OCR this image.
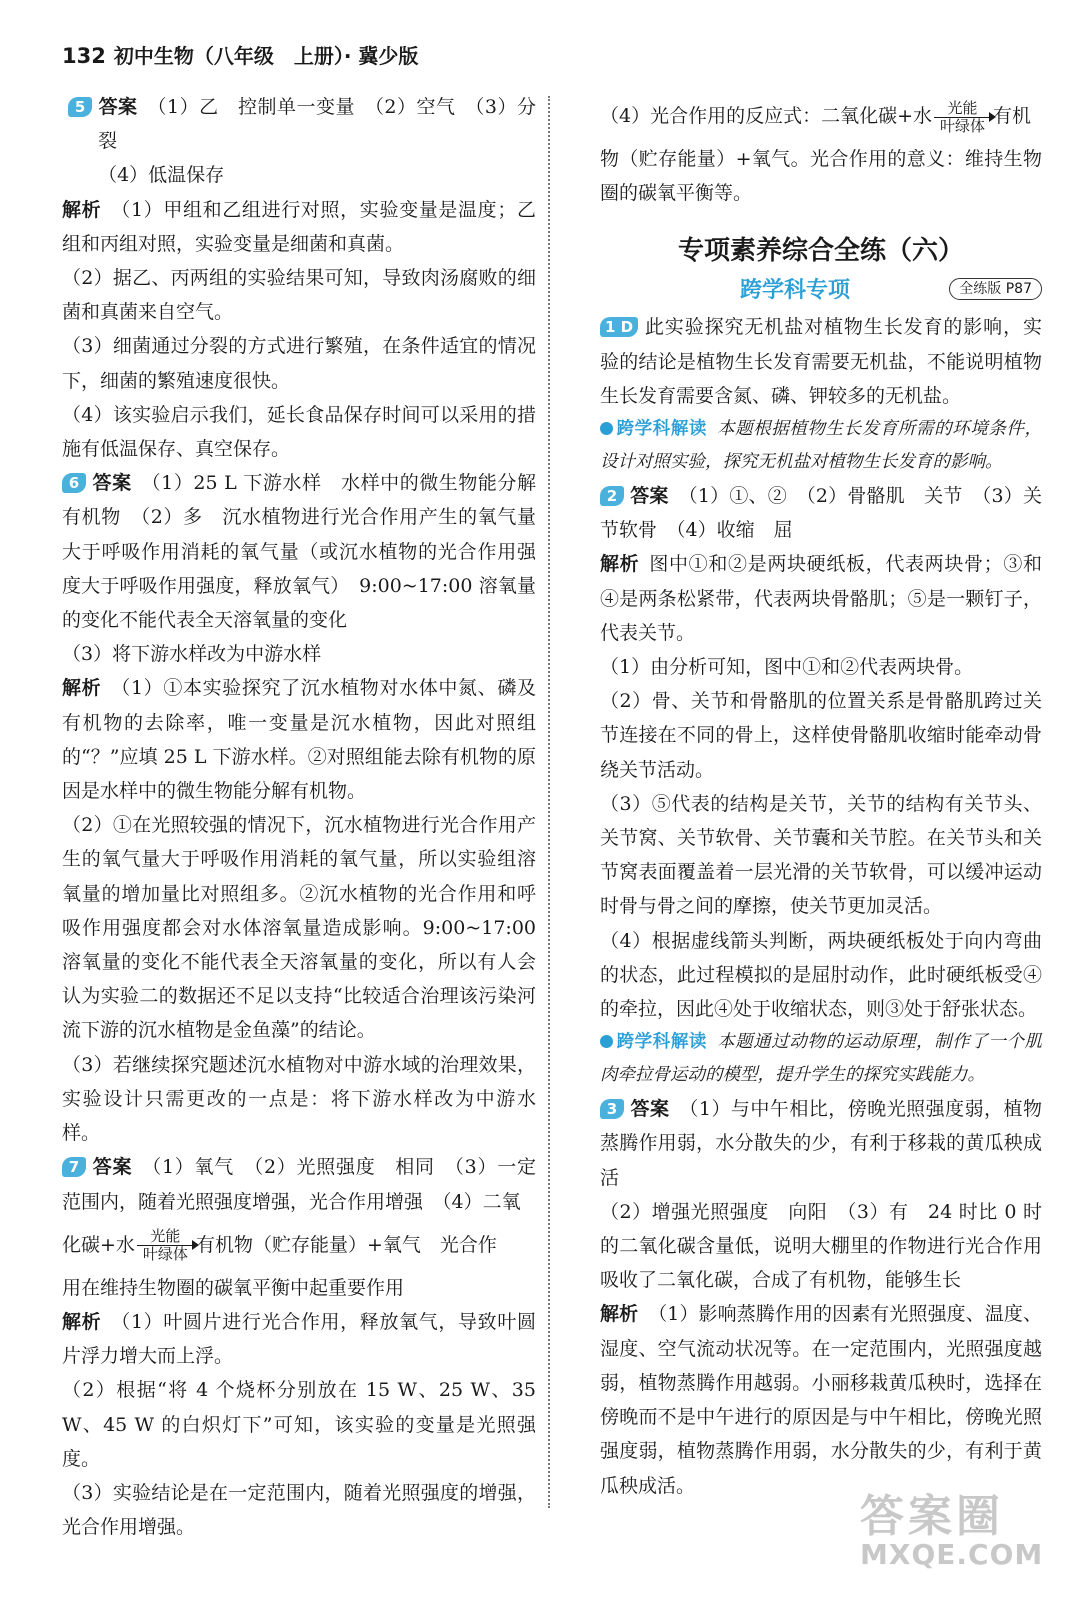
132 初中生物（八年级　上册）· 冀少版

5 答案 （1）乙　控制单一变量　（2）空气　（3）分裂
（4）低温保存

解析 （1）甲组和乙组进行对照，实验变量是温度；乙组和丙组对照，实验变量是细菌和真菌。

（2）据乙、丙两组的实验结果可知，导致肉汤腐败的细菌和真菌来自空气。

（3）细菌通过分裂的方式进行繁殖，在条件适宜的情况下，细菌的繁殖速度很快。

（4）该实验启示我们，延长食品保存时间可以采用的措施有低温保存、真空保存。

6 答案 （1）25 L 下游水样　水样中的微生物能分解有机物　（2）多　沉水植物进行光合作用产生的氧气量大于呼吸作用消耗的氧气量（或沉水植物的光合作用强度大于呼吸作用强度，释放氧气）　9:00~17:00 溶氧量的变化不能代表全天溶氧量的变化

（3）将下游水样改为中游水样

解析 （1）①本实验探究了沉水植物对水体中氮、磷及有机物的去除率，唯一变量是沉水植物，因此对照组的“？”应填 25 L 下游水样。②对照组能去除有机物的原因是水样中的微生物能分解有机物。

（2）①在光照较强的情况下，沉水植物进行光合作用产生的氧气量大于呼吸作用消耗的氧气量，所以实验组溶氧量的增加量比对照组多。②沉水植物的光合作用和呼吸作用强度都会对水体溶氧量造成影响。9:00~17:00 溶氧量的变化不能代表全天溶氧量的变化，所以有人会认为实验二的数据还不足以支持“比较适合治理该污染河流下游的沉水植物是金鱼藻”的结论。

（3）若继续探究题述沉水植物对中游水域的治理效果，实验设计只需更改的一点是：将下游水样改为中游水样。

7 答案 （1）氧气　（2）光照强度　相同　（3）一定范围内，随着光照强度增强，光合作用增强　（4）二氧

化碳+水 $\frac{\text{光能}}{\text{叶绿体}}$ 有机物（贮存能量）+氧气　光合作

用在维持生物圈的碳氧平衡中起重要作用

解析 （1）叶圆片进行光合作用，释放氧气，导致叶圆片浮力增大而上浮。

（2）根据“将 4 个烧杯分别放在 15 W、25 W、35 W、45 W 的白炽灯下”可知，该实验的变量是光照强度。

（3）实验结论是在一定范围内，随着光照强度的增强，光合作用增强。

（4）光合作用的反应式：二氧化碳+水 $\frac{\text{光能}}{\text{叶绿体}}$ 有机

物（贮存能量）+氧气。光合作用的意义：维持生物圈的碳氧平衡等。

专项素养综合全练（六）
跨学科专项	全练版 P87

1 D 此实验探究无机盐对植物生长发育的影响，实验的结论是植物生长发育需要无机盐，不能说明植物生长发育需要含氮、磷、钾较多的无机盐。

跨学科解读 本题根据植物生长发育所需的环境条件，设计对照实验，探究无机盐对植物生长发育的影响。

2 答案 （1）①、②　（2）骨骼肌　关节　（3）关节软骨　（4）收缩　屈

解析 图中①和②是两块硬纸板，代表两块骨；③和④是两条松紧带，代表两块骨骼肌；⑤是一颗钉子，代表关节。

（1）由分析可知，图中①和②代表两块骨。

（2）骨、关节和骨骼肌的位置关系是骨骼肌跨过关节连接在不同的骨上，这样使骨骼肌收缩时能牵动骨绕关节活动。

（3）⑤代表的结构是关节，关节的结构有关节头、关节窝、关节软骨、关节囊和关节腔。在关节头和关节窝表面覆盖着一层光滑的关节软骨，可以缓冲运动时骨与骨之间的摩擦，使关节更加灵活。

（4）根据虚线箭头判断，两块硬纸板处于向内弯曲的状态，此过程模拟的是屈肘动作，此时硬纸板受④的牵拉，因此④处于收缩状态，则③处于舒张状态。

跨学科解读 本题通过动物的运动原理，制作了一个肌肉牵拉骨运动的模型，提升学生的探究实践能力。

3 答案 （1）与中午相比，傍晚光照强度弱，植物蒸腾作用弱，水分散失的少，有利于移栽的黄瓜秧成活

（2）增强光照强度　向阳　（3）有　24 时比 0 时的二氧化碳含量低，说明大棚里的作物进行光合作用吸收了二氧化碳，合成了有机物，能够生长

解析 （1）影响蒸腾作用的因素有光照强度、温度、湿度、空气流动状况等。在一定范围内，光照强度越弱，植物蒸腾作用越弱。小丽移栽黄瓜秧时，选择在傍晚而不是中午进行的原因是与中午相比，傍晚光照强度弱，植物蒸腾作用弱，水分散失的少，有利于黄瓜秧成活。

答案圈
MXQE.COM
